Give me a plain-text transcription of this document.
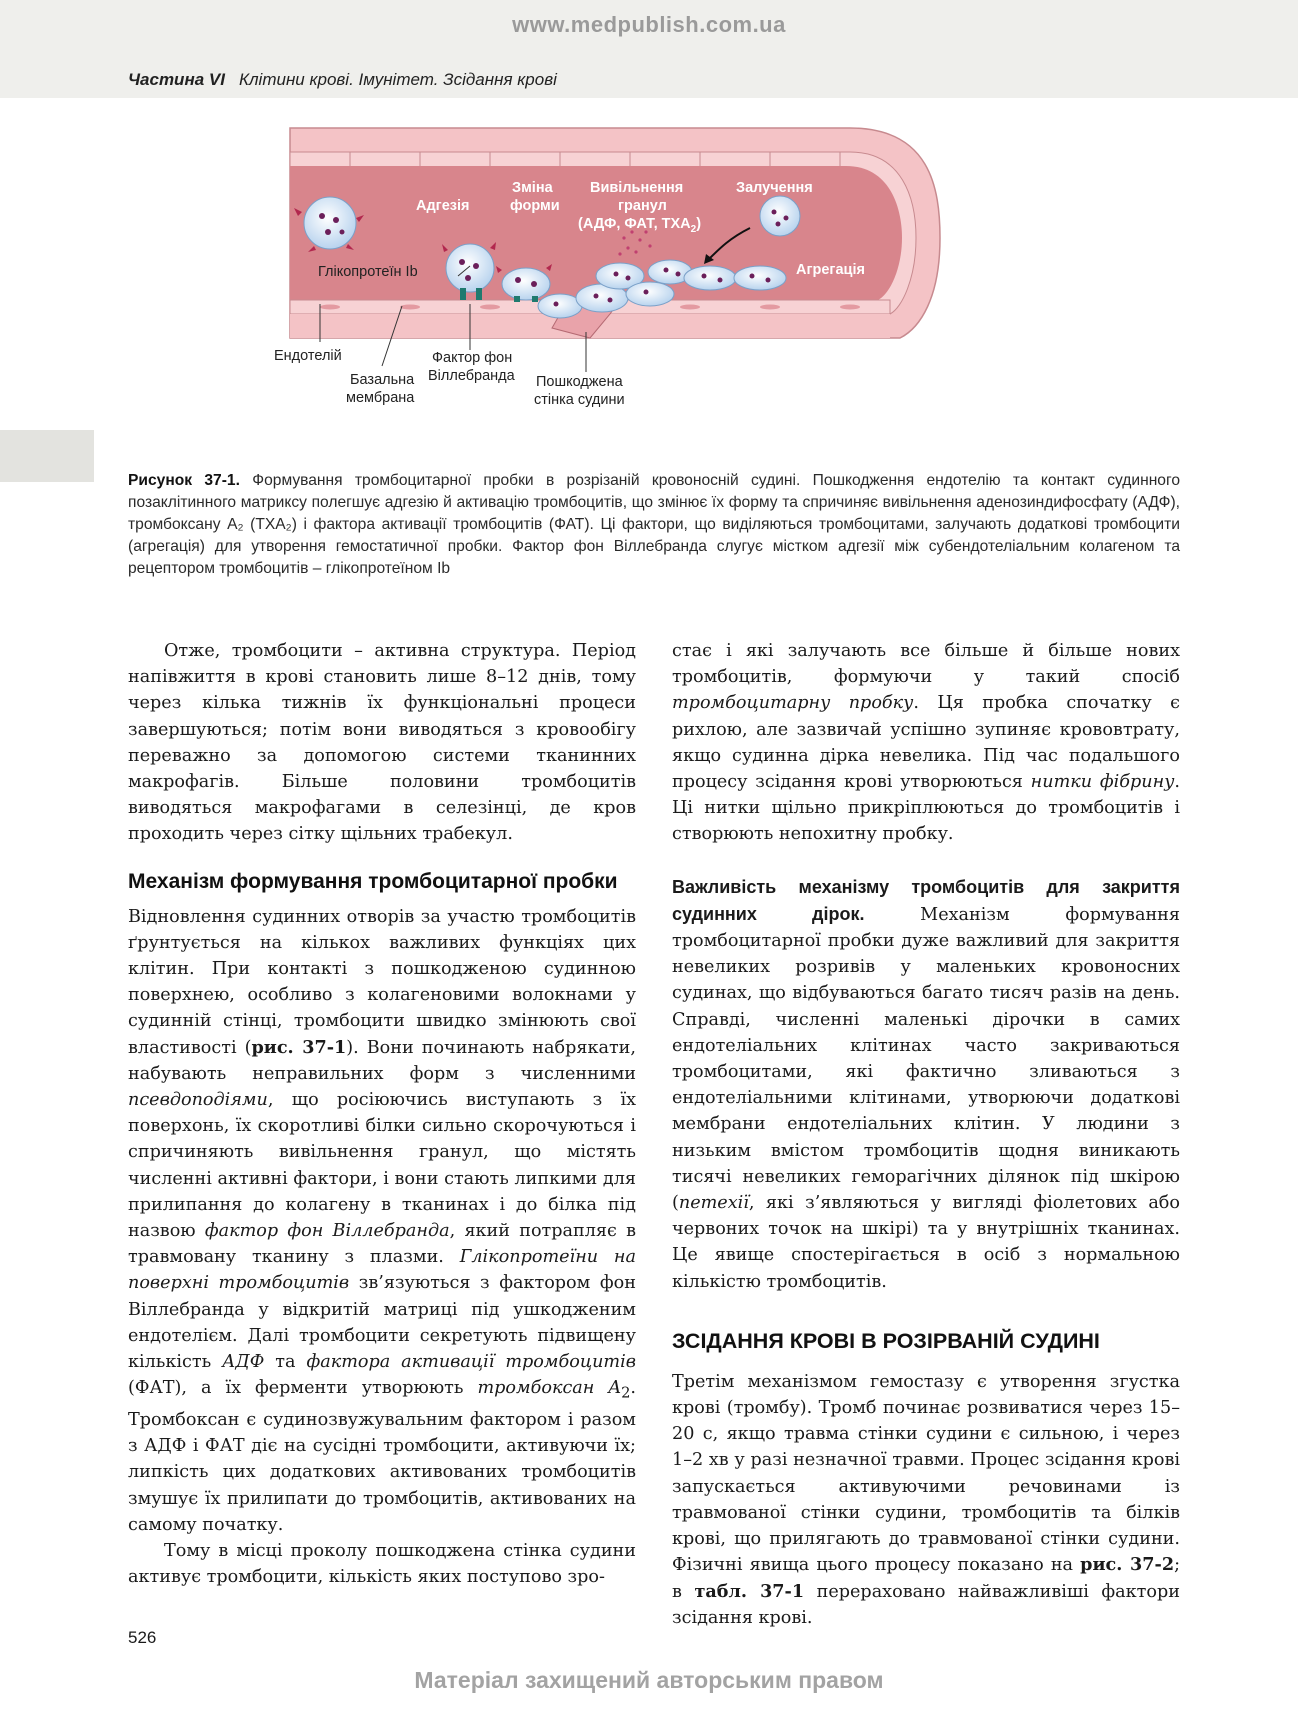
www.medpublish.com.ua
Частина VI Клітини крові. Імунітет. Зсідання крові
Адгезія
Зміна
форми
Вивільнення
гранул
(АДФ, ФАТ, $ТХА_2$)
Залучення
Агрегація
Глікопротеїн Ib
Ендотелій
Базальна
мембрана
Фактор фон
Віллебранда Пошкоджена
стінка судини
Рисунок 37-1. Формування тромбоцитарної пробки в розрізаній кровоносній судині. Пошкодження ендотелію та контакт судинного позаклітинного матриксу полегшує адгезію й активацію тромбоцитів, що змінює їх форму та спричиняє вивільнення аденозиндифосфату (АДФ), тромбоксану A₂ (TXA₂) і фактора активації тромбоцитів (ФАТ). Ці фактори, що виділяються тромбоцитами, залучають додаткові тромбоцити (агрегація) для утворення гемостатичної пробки. Фактор фон Віллебранда слугує містком адгезії між субендотеліальним колагеном та рецептором тромбоцитів – глікопротеїном Ib

Отже, тромбоцити – активна структура. Період напівжиття в крові становить лише 8–12 днів, тому через кілька тижнів їх функціональні процеси завершуються; потім вони виводяться з кровообігу переважно за допомогою системи тканинних макрофагів. Більше половини тромбоцитів виводяться макрофагами в селезінці, де кров проходить через сітку щільних трабекул.

Механізм формування тромбоцитарної пробки

Відновлення судинних отворів за участю тромбоцитів ґрунтується на кількох важливих функціях цих клітин. При контакті з пошкодженою судинною поверхнею, особливо з колагеновими волокнами у судинній стінці, тромбоцити швидко змінюють свої властивості (рис. 37-1). Вони починають набрякати, набувають неправильних форм з численними псевдоподіями, що росіюючись виступають з їх поверхонь, їх скоротливі білки сильно скорочуються і спричиняють вивільнення гранул, що містять численні активні фактори, і вони стають липкими для прилипання до колагену в тканинах і до білка під назвою фактор фон Віллебранда, який потрапляє в травмовану тканину з плазми. Глікопротеїни на поверхні тромбоцитів зв’язуються з фактором фон Віллебранда у відкритій матриці під ушкодженим ендотелієм. Далі тромбоцити секретують підвищену кількість АДФ та фактора активації тромбоцитів (ФАТ), а їх ферменти утворюють тромбоксан $A_2$. Тромбоксан є судинозвужувальним фактором і разом з АДФ і ФАТ діє на сусідні тромбоцити, активуючи їх; липкість цих додаткових активованих тромбоцитів змушує їх прилипати до тромбоцитів, активованих на самому початку.

Тому в місці проколу пошкоджена стінка судини активує тромбоцити, кількість яких поступово зро-

стає і які залучають все більше й більше нових тромбоцитів, формуючи у такий спосіб тромбоцитарну пробку. Ця пробка спочатку є рихлою, але зазвичай успішно зупиняє крововтрату, якщо судинна дірка невелика. Під час подальшого процесу зсідання крові утворюються нитки фібрину. Ці нитки щільно прикріплюються до тромбоцитів і створюють непохитну пробку.

Важливість механізму тромбоцитів для закриття судинних дірок. Механізм формування тромбоцитарної пробки дуже важливий для закриття невеликих розривів у маленьких кровоносних судинах, що відбуваються багато тисяч разів на день. Справді, численні маленькі дірочки в самих ендотеліальних клітинах часто закриваються тромбоцитами, які фактично зливаються з ендотеліальними клітинами, утворюючи додаткові мембрани ендотеліальних клітин. У людини з низьким вмістом тромбоцитів щодня виникають тисячі невеликих геморагічних ділянок під шкірою (петехії, які з’являються у вигляді фіолетових або червоних точок на шкірі) та у внутрішніх тканинах. Це явище спостерігається в осіб з нормальною кількістю тромбоцитів.

ЗСІДАННЯ КРОВІ В РОЗІРВАНІЙ СУДИНІ

Третім механізмом гемостазу є утворення згустка крові (тромбу). Тромб починає розвиватися через 15–20 с, якщо травма стінки судини є сильною, і через 1–2 хв у разі незначної травми. Процес зсідання крові запускається активуючими речовинами із травмованої стінки судини, тромбоцитів та білків крові, що прилягають до травмованої стінки судини. Фізичні явища цього процесу показано на рис. 37-2; в табл. 37-1 перераховано найважливіші фактори зсідання крові.

526
Матеріал захищений авторським правом
